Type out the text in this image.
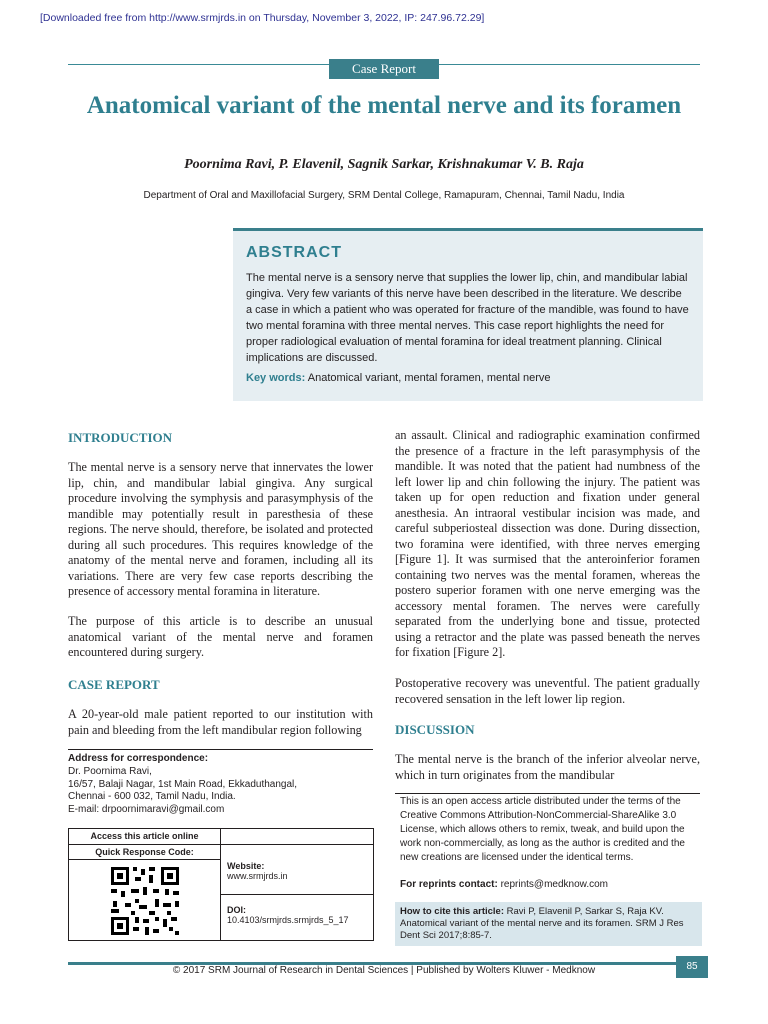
[Downloaded free from http://www.srmjrds.in on Thursday, November 3, 2022, IP: 247.96.72.29]
Case Report
Anatomical variant of the mental nerve and its foramen
Poornima Ravi, P. Elavenil, Sagnik Sarkar, Krishnakumar V. B. Raja
Department of Oral and Maxillofacial Surgery, SRM Dental College, Ramapuram, Chennai, Tamil Nadu, India
ABSTRACT
The mental nerve is a sensory nerve that supplies the lower lip, chin, and mandibular labial gingiva. Very few variants of this nerve have been described in the literature. We describe a case in which a patient who was operated for fracture of the mandible, was found to have two mental foramina with three mental nerves. This case report highlights the need for proper radiological evaluation of mental foramina for ideal treatment planning. Clinical implications are discussed.
Key words: Anatomical variant, mental foramen, mental nerve
INTRODUCTION
The mental nerve is a sensory nerve that innervates the lower lip, chin, and mandibular labial gingiva. Any surgical procedure involving the symphysis and parasymphysis of the mandible may potentially result in paresthesia of these regions. The nerve should, therefore, be isolated and protected during all such procedures. This requires knowledge of the anatomy of the mental nerve and foramen, including all its variations. There are very few case reports describing the presence of accessory mental foramina in literature.
The purpose of this article is to describe an unusual anatomical variant of the mental nerve and foramen encountered during surgery.
CASE REPORT
A 20-year-old male patient reported to our institution with pain and bleeding from the left mandibular region following
an assault. Clinical and radiographic examination confirmed the presence of a fracture in the left parasymphysis of the mandible. It was noted that the patient had numbness of the left lower lip and chin following the injury. The patient was taken up for open reduction and fixation under general anesthesia. An intraoral vestibular incision was made, and careful subperiosteal dissection was done. During dissection, two foramina were identified, with three nerves emerging [Figure 1]. It was surmised that the anteroinferior foramen containing two nerves was the mental foramen, whereas the postero superior foramen with one nerve emerging was the accessory mental foramen. The nerves were carefully separated from the underlying bone and tissue, protected using a retractor and the plate was passed beneath the nerves for fixation [Figure 2].
Postoperative recovery was uneventful. The patient gradually recovered sensation in the left lower lip region.
DISCUSSION
The mental nerve is the branch of the inferior alveolar nerve, which in turn originates from the mandibular
Address for correspondence:
Dr. Poornima Ravi,
16/57, Balaji Nagar, 1st Main Road, Ekkaduthangal,
Chennai - 600 032, Tamil Nadu, India.
E-mail: drpoornimaravi@gmail.com
Access this article online
Quick Response Code:
Website:
www.srmjrds.in
DOI:
10.4103/srmjrds.srmjrds_5_17
This is an open access article distributed under the terms of the Creative Commons Attribution-NonCommercial-ShareAlike 3.0 License, which allows others to remix, tweak, and build upon the work non-commercially, as long as the author is credited and the new creations are licensed under the identical terms.
For reprints contact: reprints@medknow.com
How to cite this article: Ravi P, Elavenil P, Sarkar S, Raja KV. Anatomical variant of the mental nerve and its foramen. SRM J Res Dent Sci 2017;8:85-7.
85
© 2017 SRM Journal of Research in Dental Sciences | Published by Wolters Kluwer - Medknow
